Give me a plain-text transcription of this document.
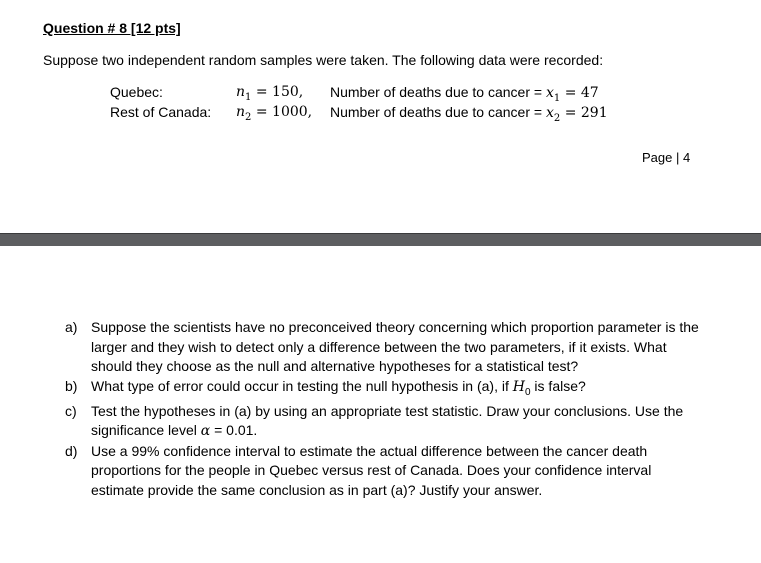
Question # 8 [12 pts]
Suppose two independent random samples were taken. The following data were recorded:
Quebec:	$n_1 = 150$, Number of deaths due to cancer = $x_1 = 47$
Rest of Canada: $n_2 = 1000$, Number of deaths due to cancer = $x_2 = 291$
Page | 4
a) Suppose the scientists have no preconceived theory concerning which proportion parameter is the larger and they wish to detect only a difference between the two parameters, if it exists. What should they choose as the null and alternative hypotheses for a statistical test?
b) What type of error could occur in testing the null hypothesis in (a), if $H_0$ is false?
c) Test the hypotheses in (a) by using an appropriate test statistic. Draw your conclusions. Use the significance level α = 0.01.
d) Use a 99% confidence interval to estimate the actual difference between the cancer death proportions for the people in Quebec versus rest of Canada. Does your confidence interval estimate provide the same conclusion as in part (a)? Justify your answer.
